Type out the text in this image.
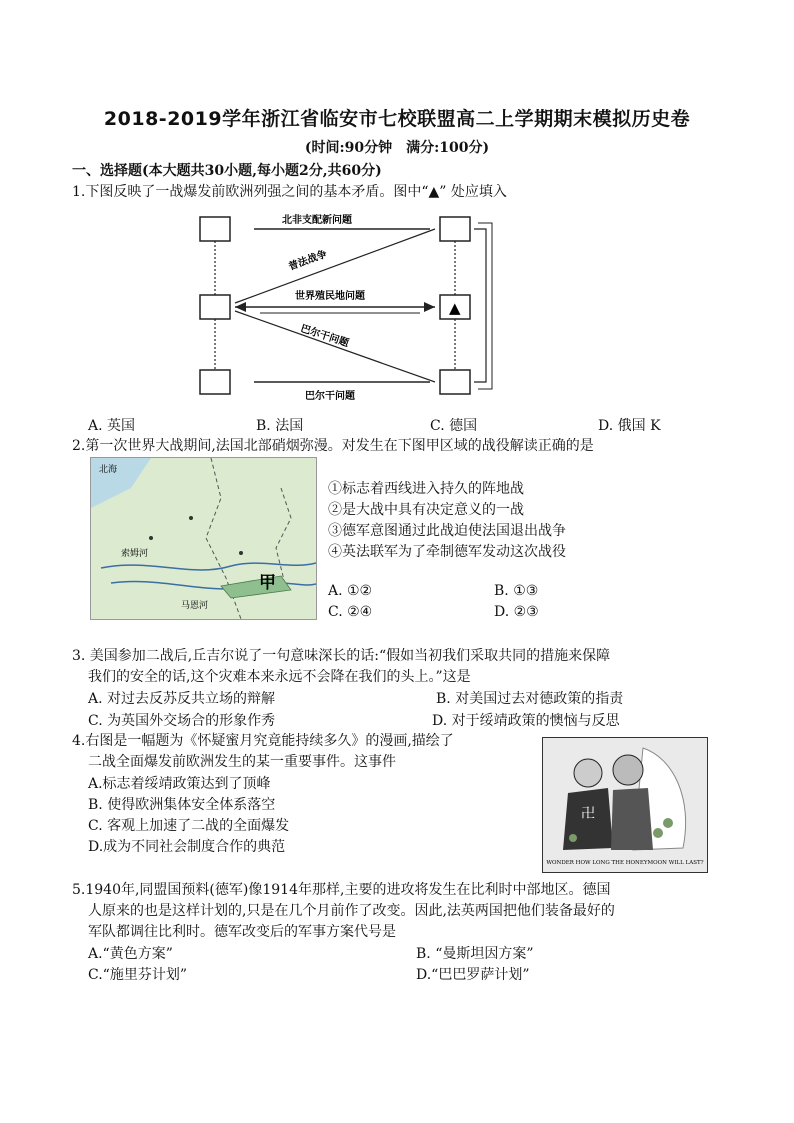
2018-2019学年浙江省临安市七校联盟高二上学期期末模拟历史卷
(时间:90分钟　满分:100分)
一、选择题(本大题共30小题,每小题2分,共60分)
1.下图反映了一战爆发前欧洲列强之间的基本矛盾。图中“▲” 处应填入
▲
北非支配新问题
普法战争
世界殖民地问题
巴尔干问题
巴尔干问题
A. 英国	B. 法国	C. 德国	D. 俄国 K
2.第一次世界大战期间,法国北部硝烟弥漫。对发生在下图甲区域的战役解读正确的是
北海
索姆河
马恩河
甲
①标志着西线进入持久的阵地战
②是大战中具有决定意义的一战
③德军意图通过此战迫使法国退出战争
④英法联军为了牵制德军发动这次战役
A. ①②	B. ①③
C. ②④	D. ②③
3. 美国参加二战后,丘吉尔说了一句意味深长的话:“假如当初我们采取共同的措施来保障
我们的安全的话,这个灾难本来永远不会降在我们的头上。”这是
A. 对过去反苏反共立场的辩解	B. 对美国过去对德政策的指责
C. 为英国外交场合的形象作秀	D. 对于绥靖政策的懊恼与反思
4.右图是一幅题为《怀疑蜜月究竟能持续多久》的漫画,描绘了
二战全面爆发前欧洲发生的某一重要事件。这事件
A.标志着绥靖政策达到了顶峰
B. 使得欧洲集体安全体系落空
C. 客观上加速了二战的全面爆发
D.成为不同社会制度合作的典范
卍
WONDER HOW LONG THE HONEYMOON WILL LAST?
5.1940年,同盟国预料(德军)像1914年那样,主要的进攻将发生在比利时中部地区。德国
人原来的也是这样计划的,只是在几个月前作了改变。因此,法英两国把他们装备最好的
军队都调往比利时。德军改变后的军事方案代号是
A.“黄色方案”	B. “曼斯坦因方案”
C.“施里芬计划”	D.“巴巴罗萨计划”
